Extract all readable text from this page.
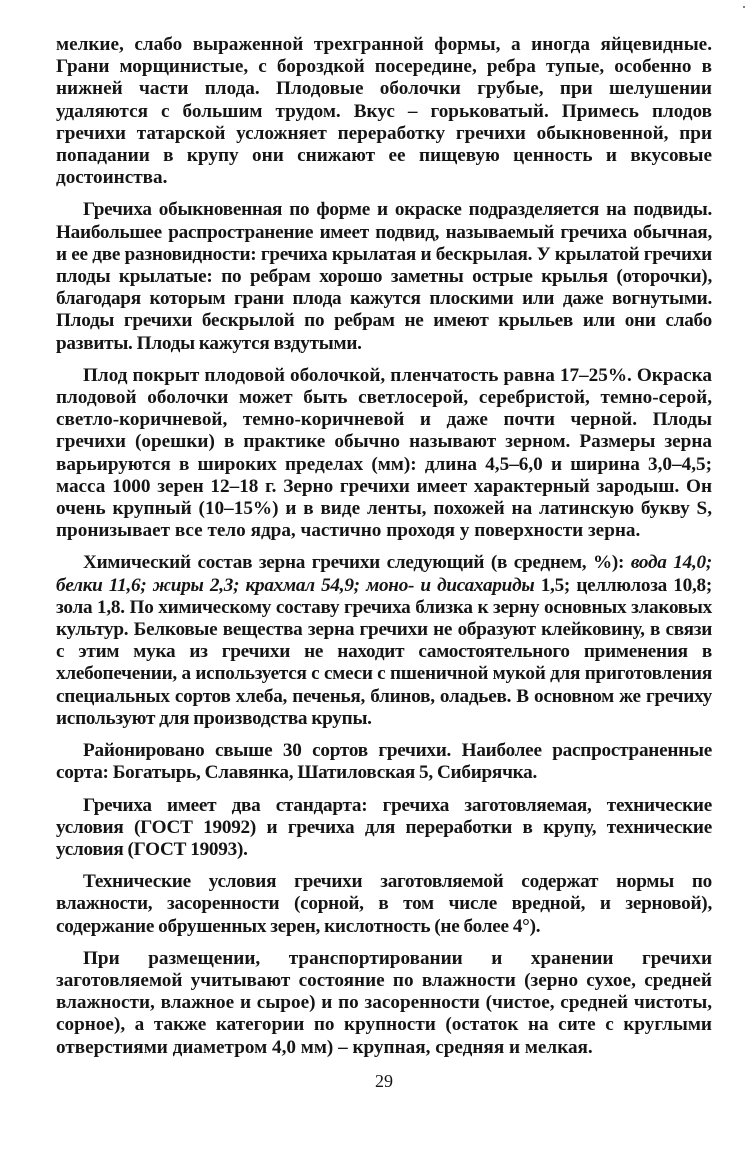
мелкие, слабо выраженной трехгранной формы, а иногда яйцевидные. Грани морщинистые, с бороздкой посередине, ребра тупые, особенно в нижней части плода. Плодовые оболочки грубые, при шелушении удаляются с большим трудом. Вкус – горьковатый. Примесь плодов гречихи татарской усложняет переработку гречихи обыкновенной, при попадании в крупу они снижают ее пищевую ценность и вкусовые достоинства.

Гречиха обыкновенная по форме и окраске подразделяется на подвиды. Наибольшее распространение имеет подвид, называемый гречиха обычная, и ее две разновидности: гречиха крылатая и бескрылая. У крылатой гречихи плоды крылатые: по ребрам хорошо заметны острые крылья (оторочки), благодаря которым грани плода кажутся плоскими или даже вогнутыми. Плоды гречихи бескрылой по ребрам не имеют крыльев или они слабо развиты. Плоды кажутся вздутыми.

Плод покрыт плодовой оболочкой, пленчатость равна 17–25%. Окраска плодовой оболочки может быть светлосерой, серебристой, темно-серой, светло-коричневой, темно-коричневой и даже почти черной. Плоды гречихи (орешки) в практике обычно называют зерном. Размеры зерна варьируются в широких пределах (мм): длина 4,5–6,0 и ширина 3,0–4,5; масса 1000 зерен 12–18 г. Зерно гречихи имеет характерный зародыш. Он очень крупный (10–15%) и в виде ленты, похожей на латинскую букву S, пронизывает все тело ядра, частично проходя у поверхности зерна.

Химический состав зерна гречихи следующий (в среднем, %): вода 14,0; белки 11,6; жиры 2,3; крахмал 54,9; моно- и дисахариды 1,5; целлюлоза 10,8; зола 1,8. По химическому составу гречиха близка к зерну основных злаковых культур. Белковые вещества зерна гречихи не образуют клейковину, в связи с этим мука из гречихи не находит самостоятельного применения в хлебопечении, а используется с смеси с пшеничной мукой для приготовления специальных сортов хлеба, печенья, блинов, оладьев. В основном же гречиху используют для производства крупы.

Районировано свыше 30 сортов гречихи. Наиболее распространенные сорта: Богатырь, Славянка, Шатиловская 5, Сибирячка.

Гречиха имеет два стандарта: гречиха заготовляемая, технические условия (ГОСТ 19092) и гречиха для переработки в крупу, технические условия (ГОСТ 19093).

Технические условия гречихи заготовляемой содержат нормы по влажности, засоренности (сорной, в том числе вредной, и зерновой), содержание обрушенных зерен, кислотность (не более 4°).

При размещении, транспортировании и хранении гречихи заготовляемой учитывают состояние по влажности (зерно сухое, средней влажности, влажное и сырое) и по засоренности (чистое, средней чистоты, сорное), а также категории по крупности (остаток на сите с круглыми отверстиями диаметром 4,0 мм) – крупная, средняя и мелкая.

29
